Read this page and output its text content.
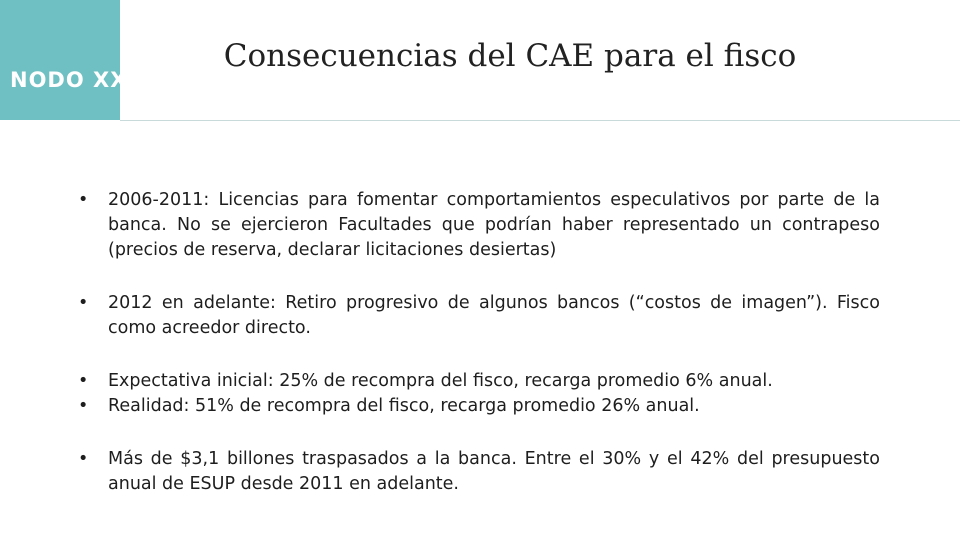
NODO XXI
Consecuencias del CAE para el fisco
• 2006-2011: Licencias para fomentar comportamientos especulativos por parte de la banca. No se ejercieron Facultades que podrían haber representado un contrapeso (precios de reserva, declarar licitaciones desiertas)
• 2012 en adelante: Retiro progresivo de algunos bancos (“costos de imagen”). Fisco como acreedor directo.
• Expectativa inicial: 25% de recompra del fisco, recarga promedio 6% anual.
• Realidad: 51% de recompra del fisco, recarga promedio 26% anual.
• Más de $3,1 billones traspasados a la banca. Entre el 30% y el 42% del presupuesto anual de ESUP desde 2011 en adelante.
